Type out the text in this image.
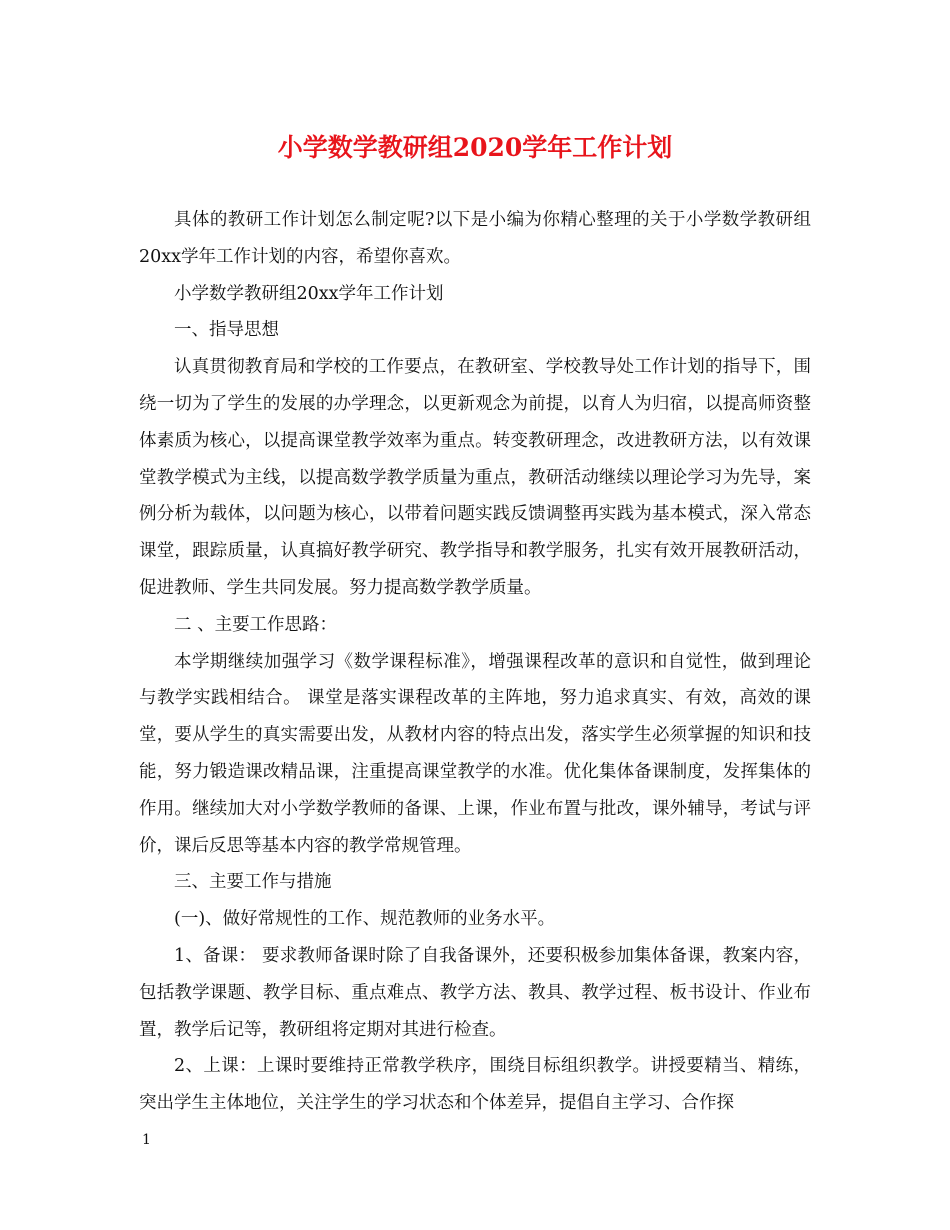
小学数学教研组2020学年工作计划

具体的教研工作计划怎么制定呢?以下是小编为你精心整理的关于小学数学教研组20xx学年工作计划的内容，希望你喜欢。

小学数学教研组20xx学年工作计划

一、指导思想

认真贯彻教育局和学校的工作要点，在教研室、学校教导处工作计划的指导下，围绕一切为了学生的发展的办学理念，以更新观念为前提，以育人为归宿，以提高师资整体素质为核心，以提高课堂教学效率为重点。转变教研理念，改进教研方法，以有效课堂教学模式为主线，以提高数学教学质量为重点，教研活动继续以理论学习为先导，案例分析为载体，以问题为核心，以带着问题实践反馈调整再实践为基本模式，深入常态课堂，跟踪质量，认真搞好教学研究、教学指导和教学服务，扎实有效开展教研活动，促进教师、学生共同发展。努力提高数学教学质量。

二 、主要工作思路：

本学期继续加强学习《数学课程标准》，增强课程改革的意识和自觉性，做到理论与教学实践相结合。 课堂是落实课程改革的主阵地，努力追求真实、有效，高效的课堂，要从学生的真实需要出发，从教材内容的特点出发，落实学生必须掌握的知识和技能，努力锻造课改精品课，注重提高课堂教学的水准。优化集体备课制度，发挥集体的作用。继续加大对小学数学教师的备课、上课，作业布置与批改，课外辅导，考试与评价，课后反思等基本内容的教学常规管理。

三、主要工作与措施

(一)、做好常规性的工作、规范教师的业务水平。

1、备课： 要求教师备课时除了自我备课外，还要积极参加集体备课，教案内容，包括教学课题、教学目标、重点难点、教学方法、教具、教学过程、板书设计、作业布置，教学后记等，教研组将定期对其进行检查。

2、上课：上课时要维持正常教学秩序，围绕目标组织教学。讲授要精当、精练，突出学生主体地位，关注学生的学习状态和个体差异，提倡自主学习、合作探

1
